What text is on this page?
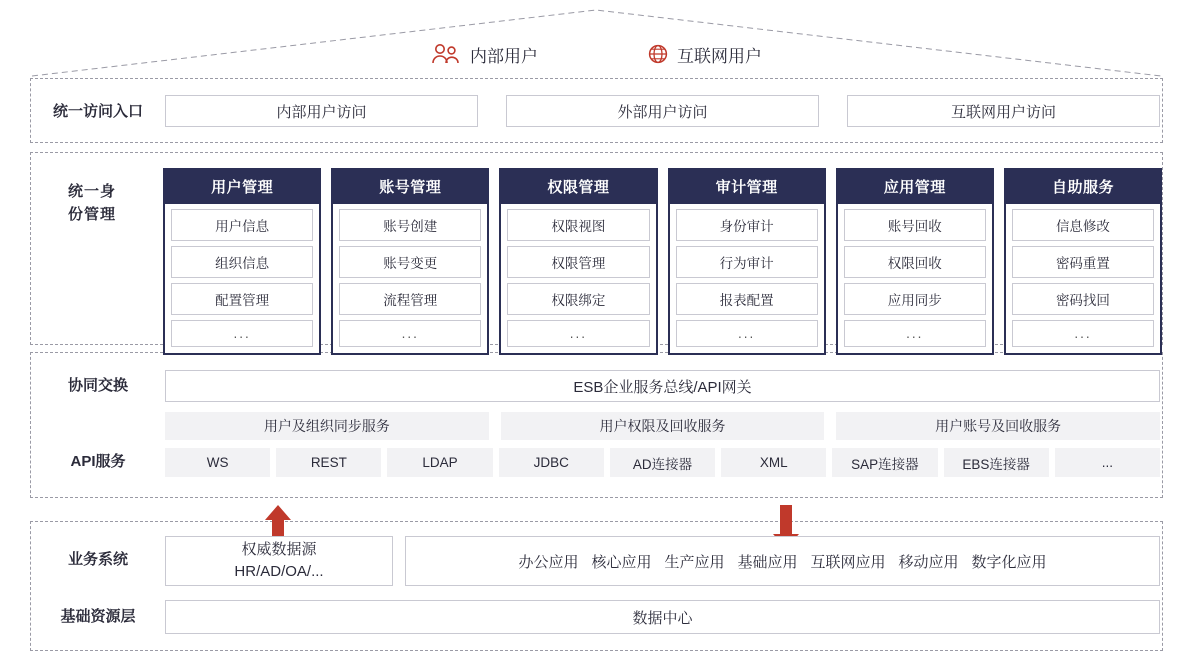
内部用户	互联网用户
统一访问入口
统一身份管理
协同交换
API服务
业务系统
基础资源层
内部用户访问	外部用户访问	互联网用户访问
用户管理
用户信息
组织信息
配置管理
...
账号管理
账号创建
账号变更
流程管理
...
权限管理
权限视图
权限管理
权限绑定
...
审计管理
身份审计
行为审计
报表配置
...
应用管理
账号回收
权限回收
应用同步
...
自助服务
信息修改
密码重置
密码找回
...
ESB企业服务总线/API网关
用户及组织同步服务	用户权限及回收服务	用户账号及回收服务
WS	REST	LDAP	JDBC	AD连接器	XML	SAP连接器	EBS连接器	...
权威数据源
HR/AD/OA/...
办公应用 核心应用 生产应用 基础应用 互联网应用 移动应用 数字化应用
数据中心
